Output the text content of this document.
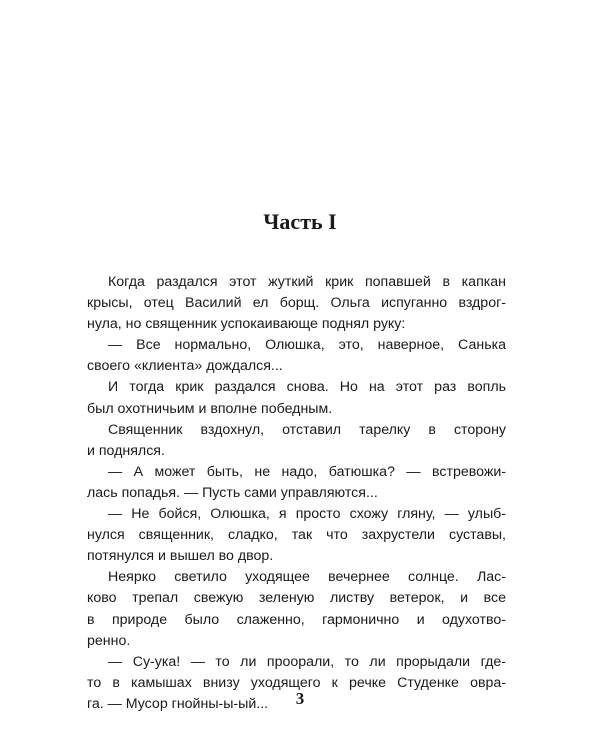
Часть I
Когда раздался этот жуткий крик попавшей в капкан
крысы, отец Василий ел борщ. Ольга испуганно вздрог-
нула, но священник успокаивающе поднял руку:
— Все нормально, Олюшка, это, наверное, Санька
своего «клиента» дождался...
И тогда крик раздался снова. Но на этот раз вопль
был охотничьим и вполне победным.
Священник вздохнул, отставил тарелку в сторону
и поднялся.
— А может быть, не надо, батюшка? — встревожи-
лась попадья. — Пусть сами управляются...
— Не бойся, Олюшка, я просто схожу гляну, — улыб-
нулся священник, сладко, так что захрустели суставы,
потянулся и вышел во двор.
Неярко светило уходящее вечернее солнце. Лас-
ково трепал свежую зеленую листву ветерок, и все
в природе было слаженно, гармонично и одухотво-
ренно.
— Су-ука! — то ли проорали, то ли прорыдали где-
то в камышах внизу уходящего к речке Студенке овра-
га. — Мусор гнойны-ы-ый...	3
